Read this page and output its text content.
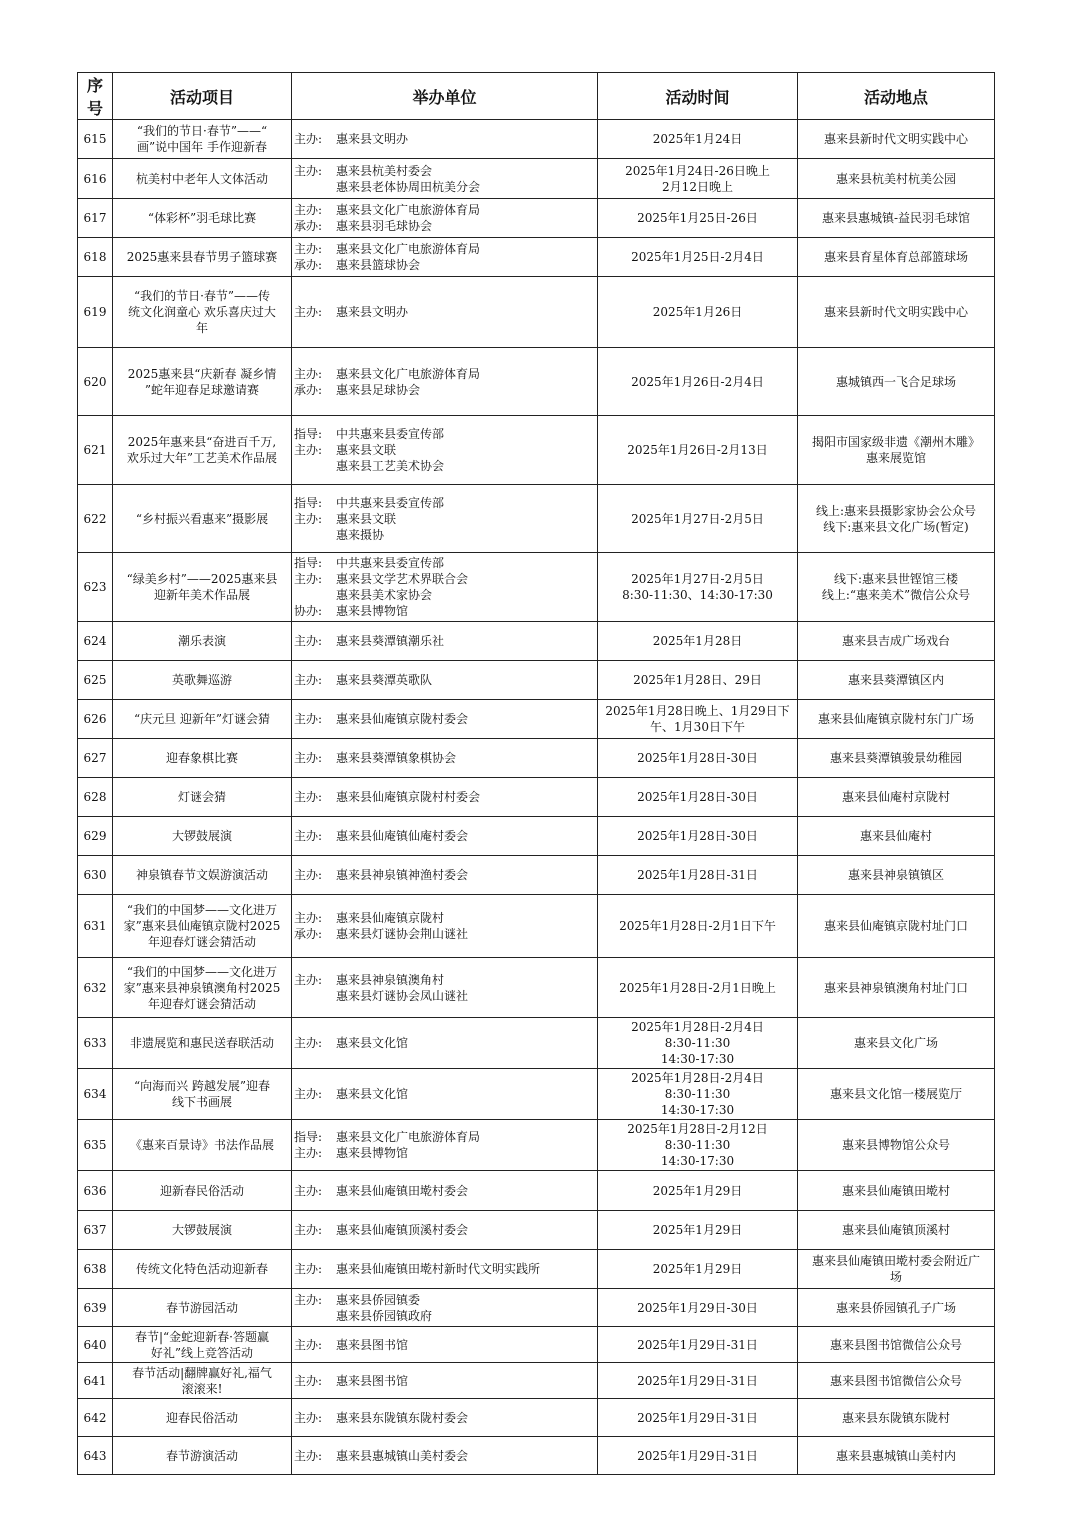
序号	活动项目	举办单位	活动时间	活动地点
615	“我们的节日·春节”——“
画”说中国年 手作迎新春	主办: 惠来县文明办	2025年1月24日	惠来县新时代文明实践中心

616	杭美村中老年人文体活动	主办: 惠来县杭美村委会
惠来县老体协周田杭美分会	2025年1月24日-26日晚上
2月12日晚上	惠来县杭美村杭美公园

617	“体彩杯”羽毛球比赛	主办: 惠来县文化广电旅游体育局
承办: 惠来县羽毛球协会	2025年1月25日-26日	惠来县惠城镇-益民羽毛球馆

618	2025惠来县春节男子篮球赛	主办: 惠来县文化广电旅游体育局
承办: 惠来县篮球协会	2025年1月25日-2月4日	惠来县育星体育总部篮球场

619	“我们的节日·春节”——传
统文化润童心 欢乐喜庆过大
年	主办: 惠来县文明办	2025年1月26日	惠来县新时代文明实践中心

620	2025惠来县“庆新春 凝乡情
”蛇年迎春足球邀请赛	主办: 惠来县文化广电旅游体育局
承办: 惠来县足球协会	2025年1月26日-2月4日	惠城镇西一飞合足球场

621	2025年惠来县“奋进百千万,
欢乐过大年”工艺美术作品展	指导: 中共惠来县委宣传部
主办: 惠来县文联
惠来县工艺美术协会	2025年1月26日-2月13日	揭阳市国家级非遗《潮州木雕》
惠来展览馆

622	“乡村振兴看惠来”摄影展	指导: 中共惠来县委宣传部
主办: 惠来县文联
惠来摄协	2025年1月27日-2月5日	线上:惠来县摄影家协会公众号
线下:惠来县文化广场(暂定)

623	“绿美乡村”——2025惠来县
迎新年美术作品展	指导: 中共惠来县委宣传部
主办: 惠来县文学艺术界联合会
惠来县美术家协会
协办: 惠来县博物馆	2025年1月27日-2月5日
8:30-11:30、14:30-17:30	线下:惠来县世铿馆三楼
线上:“惠来美术”微信公众号

624	潮乐表演	主办: 惠来县葵潭镇潮乐社	2025年1月28日	惠来县吉成广场戏台

625	英歌舞巡游	主办: 惠来县葵潭英歌队	2025年1月28日、29日	惠来县葵潭镇区内

626	“庆元旦 迎新年”灯谜会猜	主办: 惠来县仙庵镇京陇村委会	2025年1月28日晚上、1月29日下
午、1月30日下午	惠来县仙庵镇京陇村东门广场

627	迎春象棋比赛	主办: 惠来县葵潭镇象棋协会	2025年1月28日-30日	惠来县葵潭镇骏景幼稚园

628	灯谜会猜	主办: 惠来县仙庵镇京陇村村委会	2025年1月28日-30日	惠来县仙庵村京陇村

629	大锣鼓展演	主办: 惠来县仙庵镇仙庵村委会	2025年1月28日-30日	惠来县仙庵村

630	神泉镇春节文娱游演活动	主办: 惠来县神泉镇神渔村委会	2025年1月28日-31日	惠来县神泉镇镇区

631	“我们的中国梦——文化进万
家”惠来县仙庵镇京陇村2025
年迎春灯谜会猜活动	主办: 惠来县仙庵镇京陇村
承办: 惠来县灯谜协会荆山谜社	2025年1月28日-2月1日下午	惠来县仙庵镇京陇村址门口

632	“我们的中国梦——文化进万
家”惠来县神泉镇澳角村2025
年迎春灯谜会猜活动	主办: 惠来县神泉镇澳角村
惠来县灯谜协会凤山谜社	2025年1月28日-2月1日晚上	惠来县神泉镇澳角村址门口

633	非遗展览和惠民送春联活动	主办: 惠来县文化馆	2025年1月28日-2月4日
8:30-11:30
14:30-17:30	惠来县文化广场

634	“向海而兴 跨越发展”迎春
线下书画展	主办: 惠来县文化馆	2025年1月28日-2月4日
8:30-11:30
14:30-17:30	惠来县文化馆一楼展览厅

635	《惠来百景诗》书法作品展	指导: 惠来县文化广电旅游体育局
主办: 惠来县博物馆	2025年1月28日-2月12日
8:30-11:30
14:30-17:30	惠来县博物馆公众号

636	迎新春民俗活动	主办: 惠来县仙庵镇田墘村委会	2025年1月29日	惠来县仙庵镇田墘村

637	大锣鼓展演	主办: 惠来县仙庵镇顶溪村委会	2025年1月29日	惠来县仙庵镇顶溪村

638	传统文化特色活动迎新春	主办: 惠来县仙庵镇田墘村新时代文明实践所	2025年1月29日	惠来县仙庵镇田墘村委会附近广
场

639	春节游园活动	主办: 惠来县侨园镇委
惠来县侨园镇政府	2025年1月29日-30日	惠来县侨园镇孔子广场

640	春节|“金蛇迎新春·答题赢
好礼”线上竞答活动	主办: 惠来县图书馆	2025年1月29日-31日	惠来县图书馆微信公众号

641	春节活动|翻牌赢好礼,福气
滚滚来!	主办: 惠来县图书馆	2025年1月29日-31日	惠来县图书馆微信公众号

642	迎春民俗活动	主办: 惠来县东陇镇东陇村委会	2025年1月29日-31日	惠来县东陇镇东陇村

643	春节游演活动	主办: 惠来县惠城镇山美村委会	2025年1月29日-31日	惠来县惠城镇山美村内
